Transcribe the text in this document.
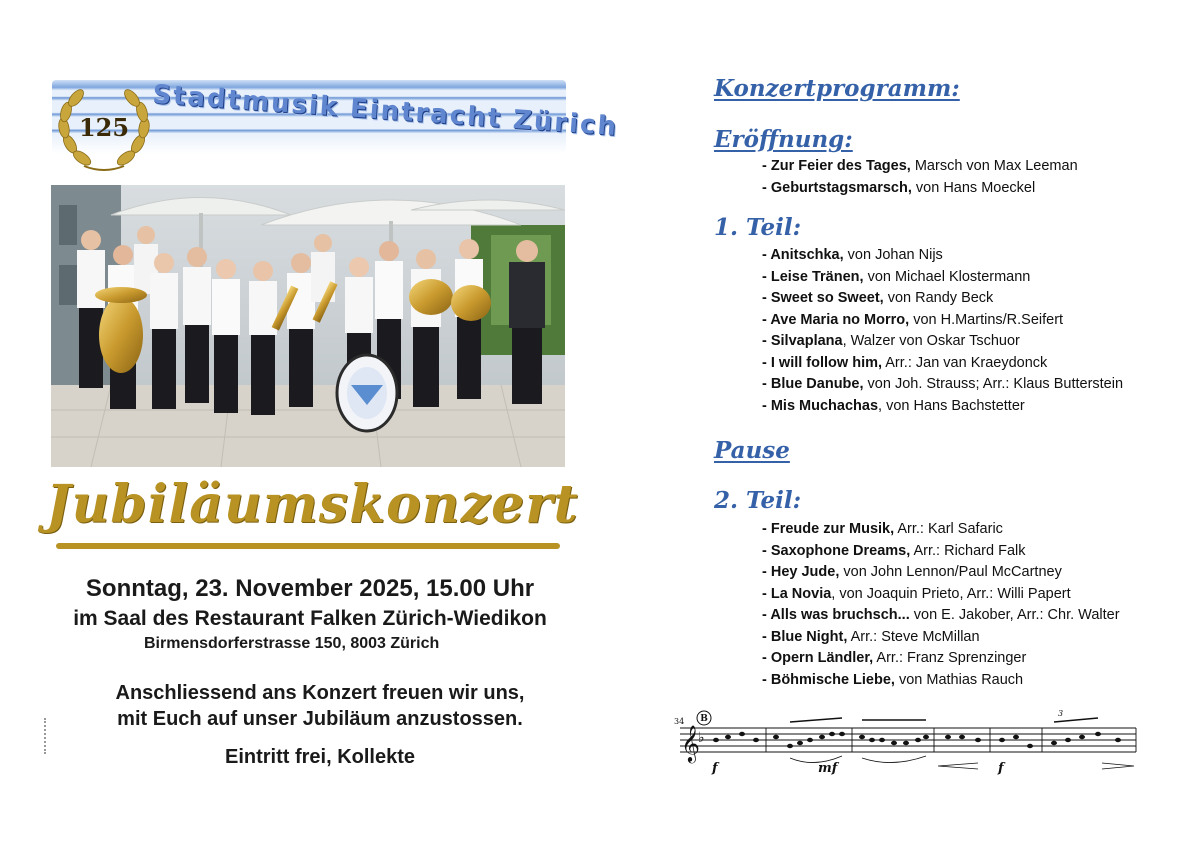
125 Stadtmusik Eintracht Zürich
Jubiläumskonzert
Sonntag, 23. November 2025, 15.00 Uhr
im Saal des Restaurant Falken Zürich-Wiedikon
Birmensdorferstrasse 150, 8003 Zürich
Anschliessend ans Konzert freuen wir uns,
mit Euch auf unser Jubiläum anzustossen.
Eintritt frei, Kollekte
Konzertprogramm:
Eröffnung:
- Zur Feier des Tages, Marsch von Max Leeman
- Geburtstagsmarsch, von Hans Moeckel
1. Teil:
- Anitschka, von Johan Nijs
- Leise Tränen, von Michael Klostermann
- Sweet so Sweet, von Randy Beck
- Ave Maria no Morro, von H.Martins/R.Seifert
- Silvaplana, Walzer von Oskar Tschuor
- I will follow him, Arr.: Jan van Kraeydonck
- Blue Danube, von Joh. Strauss; Arr.: Klaus Butterstein
- Mis Muchachas, von Hans Bachstetter
Pause
2. Teil:
- Freude zur Musik, Arr.: Karl Safaric
- Saxophone Dreams, Arr.: Richard Falk
- Hey Jude, von John Lennon/Paul McCartney
- La Novia, von Joaquin Prieto, Arr.: Willi Papert
- Alls was bruchsch... von E. Jakober, Arr.: Chr. Walter
- Blue Night, Arr.: Steve McMillan
- Opern Ländler, Arr.: Franz Sprenzinger
- Böhmische Liebe, von Mathias Rauch
34 B
𝄞
♭
3
f	mf	f
